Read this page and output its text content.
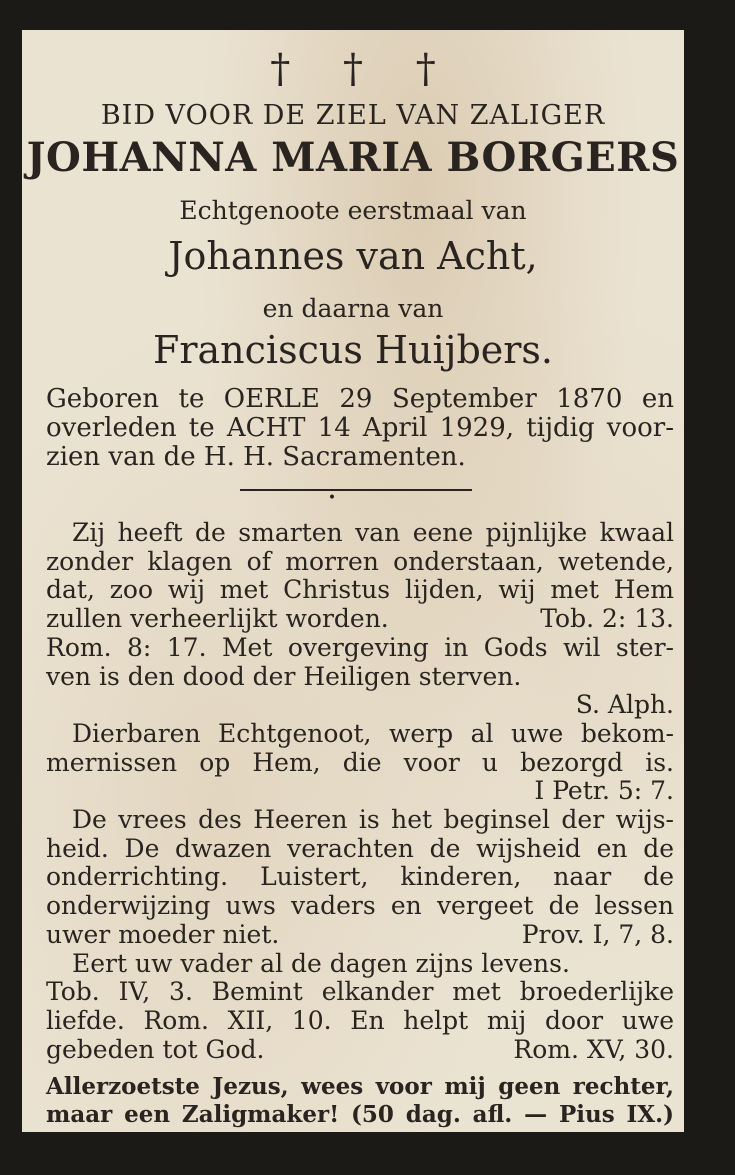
† † †
BID VOOR DE ZIEL VAN ZALIGER
JOHANNA MARIA BORGERS
Echtgenoote eerstmaal van
Johannes van Acht,
en daarna van
Franciscus Huijbers.
Geboren te OERLE 29 September 1870 en
overleden te ACHT 14 April 1929, tijdig voor-
zien van de H. H. Sacramenten.
•
Zij heeft de smarten van eene pijnlijke kwaal
zonder klagen of morren onderstaan, wetende,
dat, zoo wij met Christus lijden, wij met Hem
zullen verheerlijkt worden.	Tob. 2: 13.
Rom. 8: 17. Met overgeving in Gods wil ster-
ven is den dood der Heiligen sterven.
S. Alph.
Dierbaren Echtgenoot, werp al uwe bekom-
mernissen op Hem, die voor u bezorgd is.
I Petr. 5: 7.
De vrees des Heeren is het beginsel der wijs-
heid. De dwazen verachten de wijsheid en de
onderrichting. Luistert, kinderen, naar de
onderwijzing uws vaders en vergeet de lessen
uwer moeder niet.	Prov. I, 7, 8.
Eert uw vader al de dagen zijns levens.
Tob. IV, 3. Bemint elkander met broederlijke
liefde. Rom. XII, 10. En helpt mij door uwe
gebeden tot God.	Rom. XV, 30.
Allerzoetste Jezus, wees voor mij geen rechter,
maar een Zaligmaker! (50 dag. afl. — Pius IX.)
